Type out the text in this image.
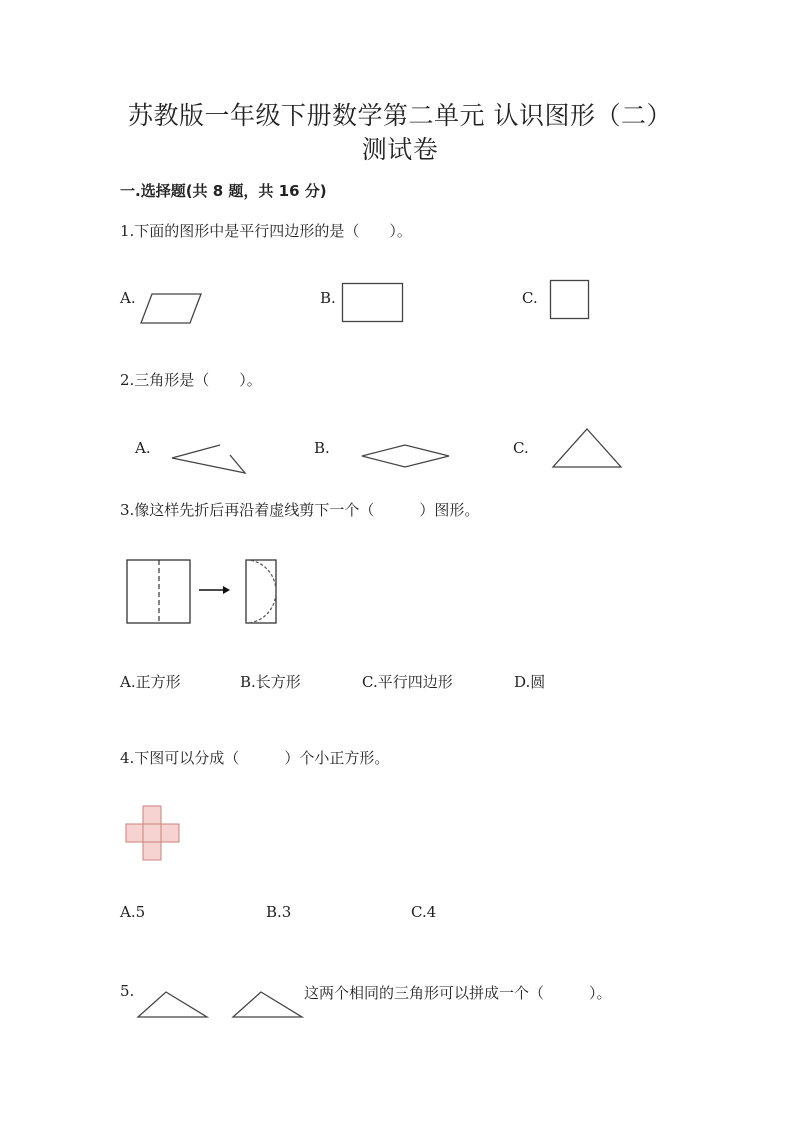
苏教版一年级下册数学第二单元 认识图形（二）
测试卷
一.选择题(共 8 题，共 16 分)
1.下面的图形中是平行四边形的是（　　）。
A.	B.	C.
2.三角形是（　　）。
A.	B.	C.
3.像这样先折后再沿着虚线剪下一个（　　　）图形。
A.正方形	B.长方形	C.平行四边形	D.圆
4.下图可以分成（　　　）个小正方形。
A.5	B.3	C.4
5.	这两个相同的三角形可以拼成一个（　　　）。
